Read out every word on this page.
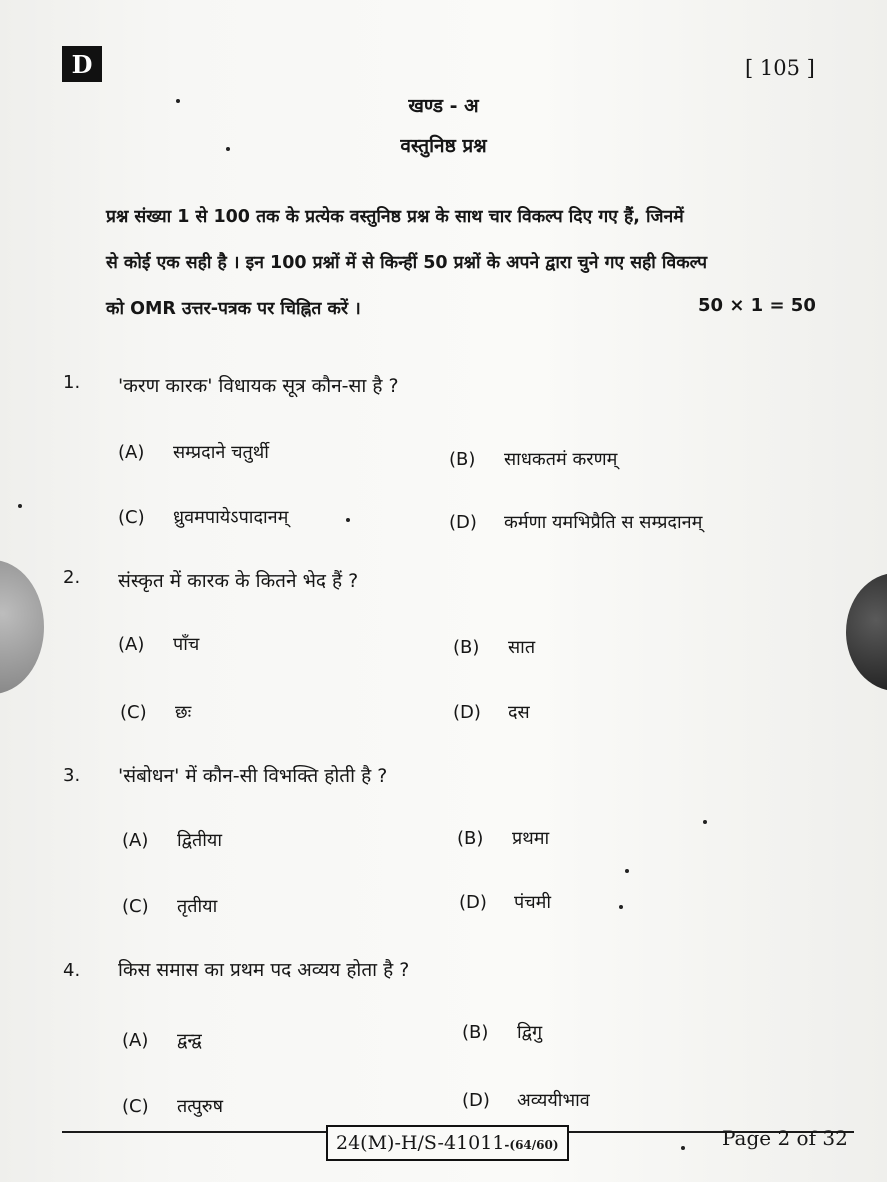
D	[ 105 ]
खण्ड - अ
वस्तुनिष्ठ प्रश्न

प्रश्न संख्या 1 से 100 तक के प्रत्येक वस्तुनिष्ठ प्रश्न के साथ चार विकल्प दिए गए हैं, जिनमें

से कोई एक सही है । इन 100 प्रश्नों में से किन्हीं 50 प्रश्नों के अपने द्वारा चुने गए सही विकल्प

को OMR उत्तर-पत्रक पर चिह्नित करें ।	50 × 1 = 50
1. 'करण कारक' विधायक सूत्र कौन-सा है ?
(A) सम्प्रदाने चतुर्थी	(B) साधकतमं करणम्
(C) ध्रुवमपायेऽपादानम्	(D) कर्मणा यमभिप्रैति स सम्प्रदानम्
2. संस्कृत में कारक के कितने भेद हैं ?
(A) पाँच	(B) सात
(C) छः	(D) दस
3. 'संबोधन' में कौन-सी विभक्ति होती है ?
(A) द्वितीया	(B) प्रथमा
(C) तृतीया	(D) पंचमी
4. किस समास का प्रथम पद अव्यय होता है ?
(A) द्वन्द्व	(B) द्विगु
(C) तत्पुरुष	(D) अव्ययीभाव
24(M)-H/S-41011-(64/60)	Page 2 of 32
